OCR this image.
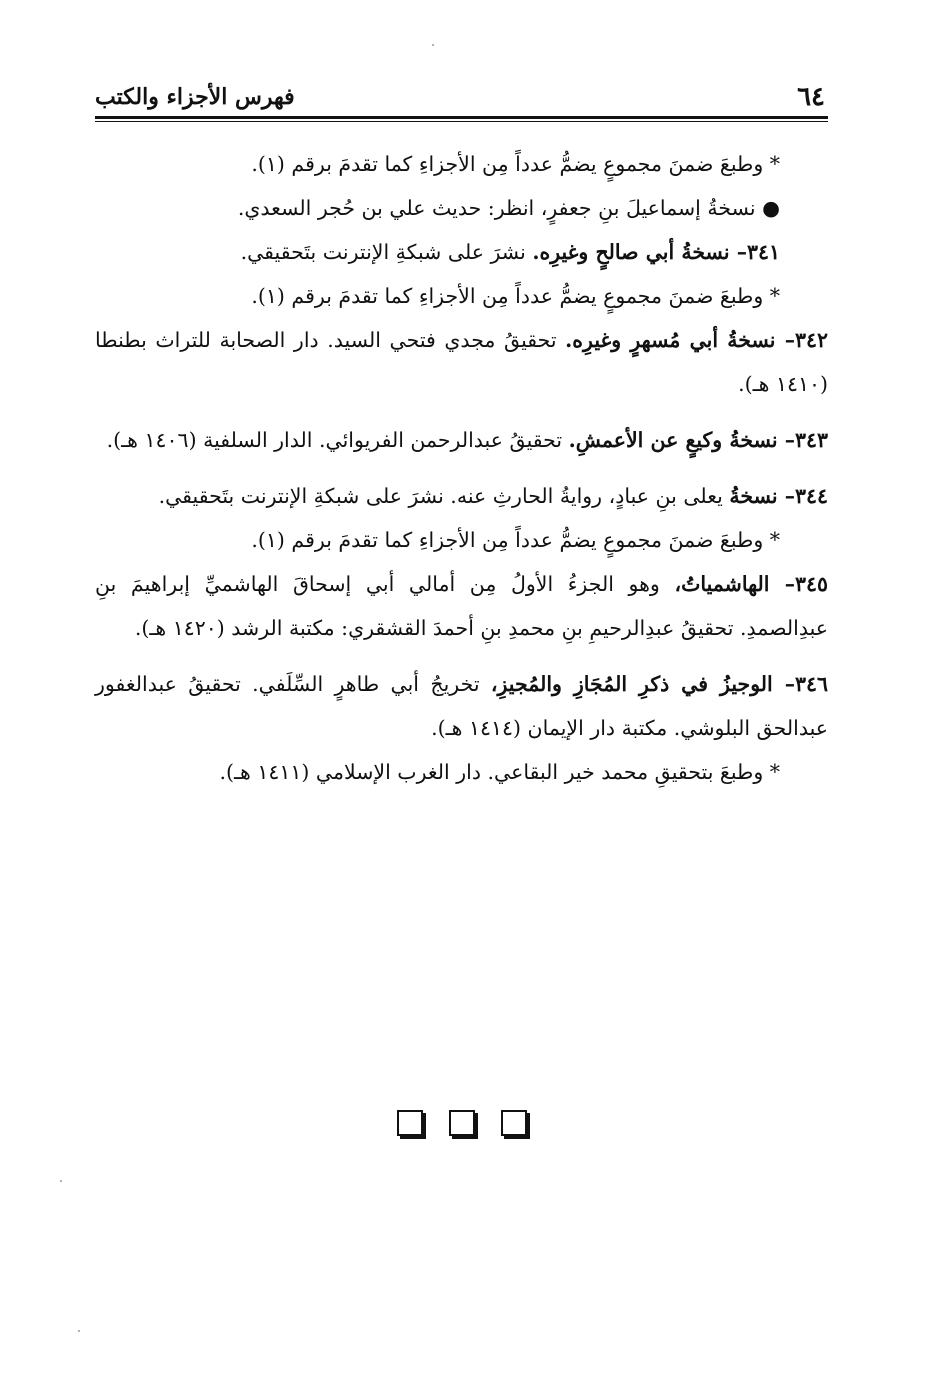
٦٤
فهرس الأجزاء والكتب

* وطبعَ ضمنَ مجموعٍ يضمُّ عدداً مِن الأجزاءِ كما تقدمَ برقم (١).

● نسخةُ إسماعيلَ بنِ جعفرٍ، انظر: حديث علي بن حُجر السعدي.

٣٤١– نسخةُ أبي صالحٍ وغيرِه. نشرَ على شبكةِ الإنترنت بتَحقيقي.

* وطبعَ ضمنَ مجموعٍ يضمُّ عدداً مِن الأجزاءِ كما تقدمَ برقم (١).

٣٤٢– نسخةُ أبي مُسهرٍ وغيرِه. تحقيقُ مجدي فتحي السيد. دار الصحابة للتراث بطنطا (١٤١٠ هـ).

٣٤٣– نسخةُ وكيعٍ عن الأعمشِ. تحقيقُ عبدالرحمن الفريوائي. الدار السلفية (١٤٠٦ هـ).

٣٤٤– نسخةُ يعلى بنِ عبادٍ، روايةُ الحارثِ عنه. نشرَ على شبكةِ الإنترنت بتَحقيقي.

* وطبعَ ضمنَ مجموعٍ يضمُّ عدداً مِن الأجزاءِ كما تقدمَ برقم (١).

٣٤٥– الهاشمياتُ، وهو الجزءُ الأولُ مِن أمالي أبي إسحاقَ الهاشميِّ إبراهيمَ بنِ عبدِالصمدِ. تحقيقُ عبدِالرحيمِ بنِ محمدِ بنِ أحمدَ القشقري: مكتبة الرشد (١٤٢٠ هـ).

٣٤٦– الوجيزُ في ذكرِ المُجَازِ والمُجيزِ، تخريجُ أبي طاهرٍ السِّلَفي. تحقيقُ عبدالغفور عبدالحق البلوشي. مكتبة دار الإيمان (١٤١٤ هـ).

* وطبعَ بتحقيقِ محمد خير البقاعي. دار الغرب الإسلامي (١٤١١ هـ).
